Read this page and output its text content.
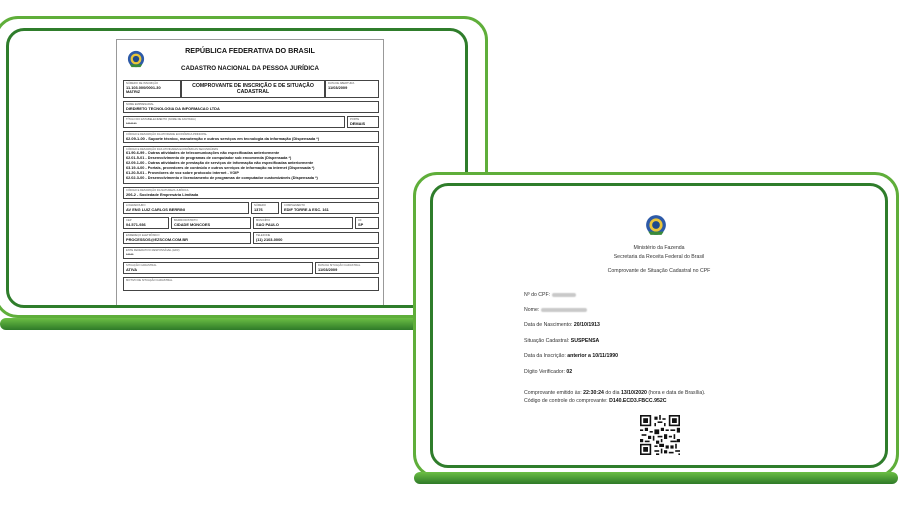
REPÚBLICA FEDERATIVA DO BRASIL
CADASTRO NACIONAL DA PESSOA JURÍDICA
NÚMERO DE INSCRIÇÃO
11.103.000/0001-30
MATRIZ
COMPROVANTE DE INSCRIÇÃO E DE SITUAÇÃO CADASTRAL
DATA DE ABERTURA
11/03/2009
NOME EMPRESARIAL
DIRDIRETO TECNOLOGIA DA INFORMACAO LTDA
TÍTULO DO ESTABELECIMENTO (NOME DE FANTASIA)
*******
PORTE
DEMAIS
CÓDIGO E DESCRIÇÃO DA ATIVIDADE ECONÔMICA PRINCIPAL
62.09-1-00 - Suporte técnico, manutenção e outros serviços em tecnologia da informação (Dispensada *)
CÓDIGO E DESCRIÇÃO DAS ATIVIDADES ECONÔMICAS SECUNDÁRIAS
61.90-6-99 - Outras atividades de telecomunicações não especificadas anteriormente
62.01-5-01 - Desenvolvimento de programas de computador sob encomenda (Dispensada *)
62.09-1-00 - Outras atividades de prestação de serviços de informação não especificadas anteriormente
63.19-4-00 - Portais, provedores de conteúdo e outros serviços de informação na internet (Dispensada *)
61.20-5-01 - Provedores de voz sobre protocolo internet - VOIP
62.02-3-00 - Desenvolvimento e licenciamento de programas de computador customizáveis (Dispensada *)
CÓDIGO E DESCRIÇÃO DA NATUREZA JURÍDICA
206-2 - Sociedade Empresária Limitada
LOGRADOURO
AV ENG LUIZ CARLOS BERRINI
NÚMERO
1376
COMPLEMENTO
EDIF TORRE A ESC. 161
CEP
04.571-936
BAIRRO/DISTRITO
CIDADE MONCOES
MUNICÍPIO
SAO PAULO
UF
SP
ENDEREÇO ELETRÔNICO
PROCESSOS@EZSCOM.COM.BR
TELEFONE
(11) 2103-0000
ENTE FEDERATIVO RESPONSÁVEL (EFR)
*****
SITUAÇÃO CADASTRAL
ATIVA
DATA DA SITUAÇÃO CADASTRAL
11/03/2009
MOTIVO DE SITUAÇÃO CADASTRAL
Ministério da Fazenda
Secretaria da Receita Federal do Brasil
Comprovante de Situação Cadastral no CPF
Nº do CPF:
Nome:
Data de Nascimento: 20/10/1913
Situação Cadastral: SUSPENSA
Data da Inscrição: anterior a 10/11/1990
Dígito Verificador: 02
Comprovante emitido às: 22:30:24 do dia 13/10/2020 (hora e data de Brasília).
Código de controle do comprovante: D140.ECD3.FBCC.952C
